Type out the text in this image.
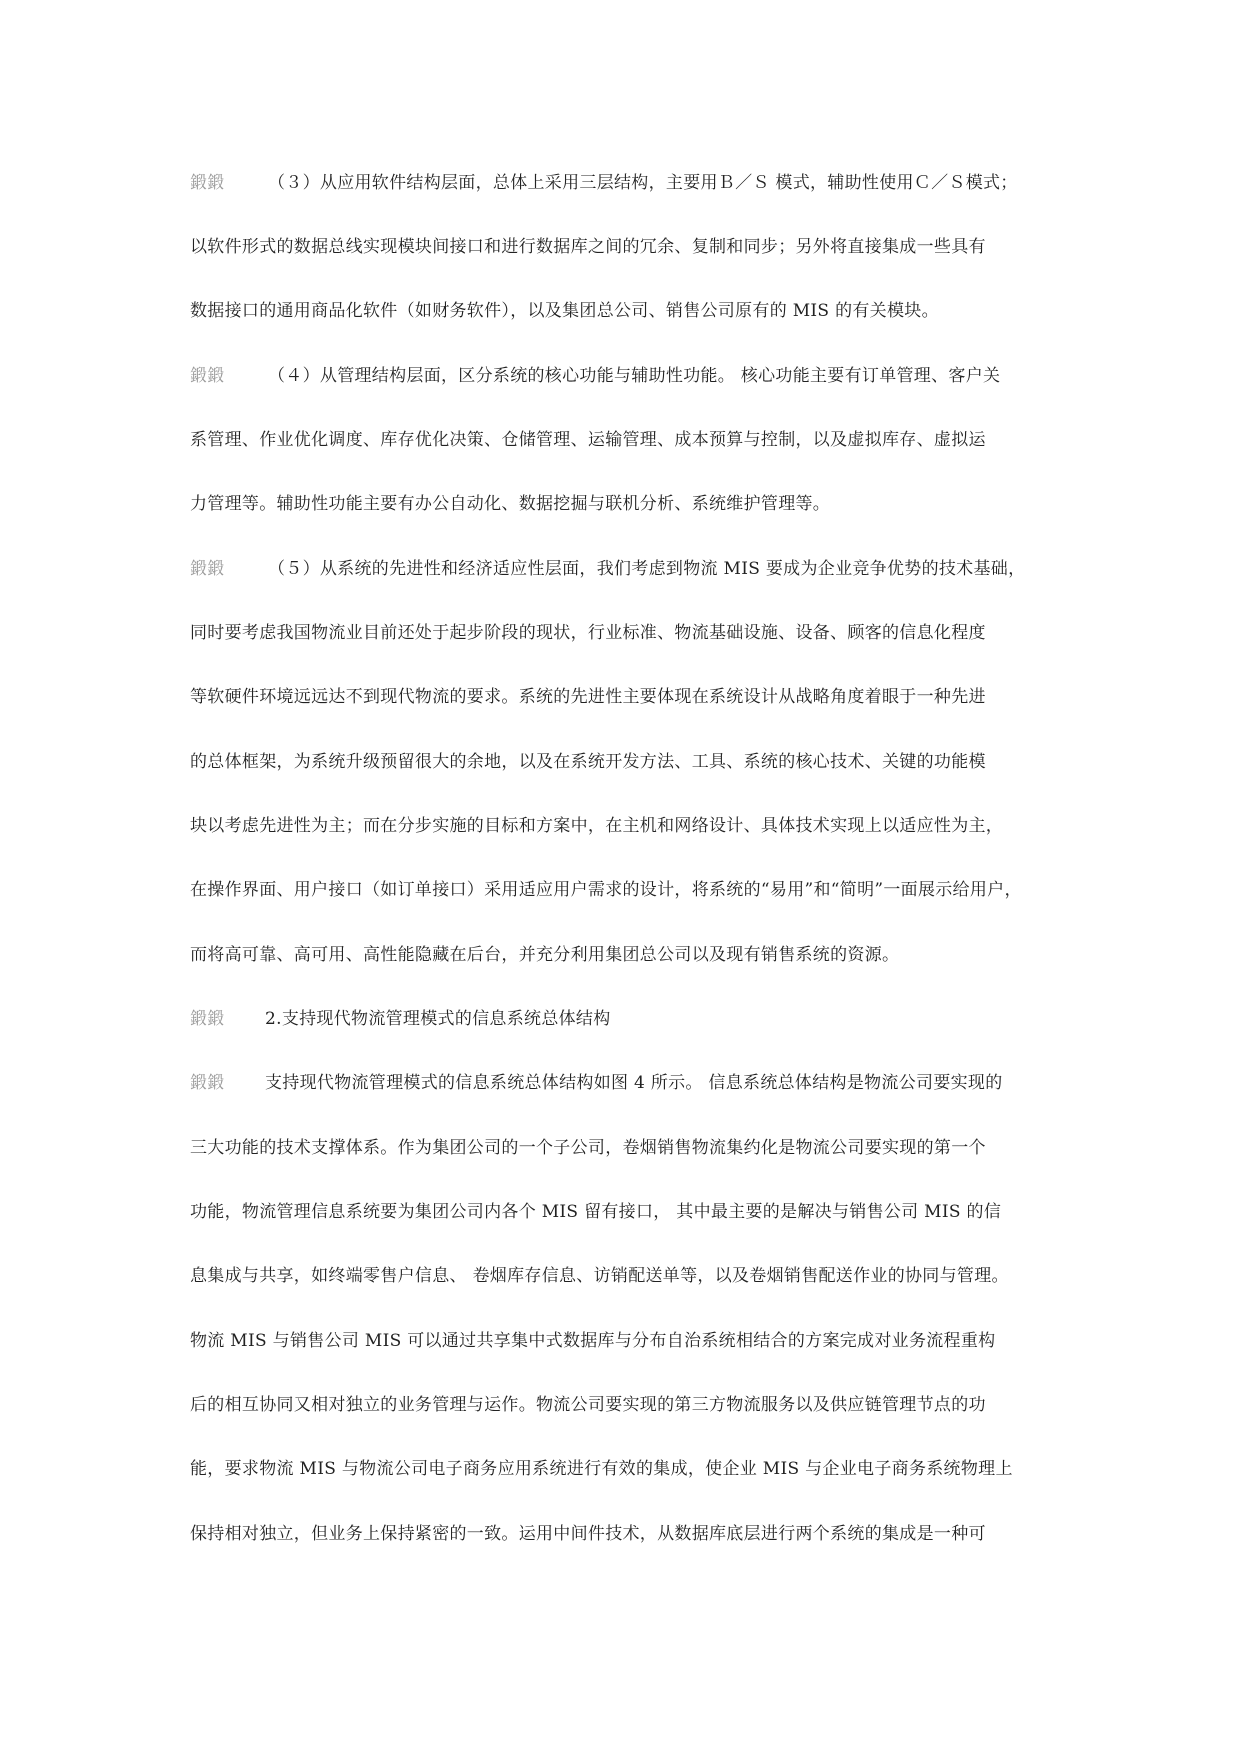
鍛鍛	（３）从应用软件结构层面，总体上采用三层结构，主要用Ｂ／Ｓ 模式，辅助性使用Ｃ／Ｓ模式；
以软件形式的数据总线实现模块间接口和进行数据库之间的冗余、复制和同步；另外将直接集成一些具有
数据接口的通用商品化软件（如财务软件），以及集团总公司、销售公司原有的 MIS 的有关模块。
鍛鍛	（４）从管理结构层面，区分系统的核心功能与辅助性功能。 核心功能主要有订单管理、客户关
系管理、作业优化调度、库存优化决策、仓储管理、运输管理、成本预算与控制，以及虚拟库存、虚拟运
力管理等。辅助性功能主要有办公自动化、数据挖掘与联机分析、系统维护管理等。
鍛鍛	（５）从系统的先进性和经济适应性层面，我们考虑到物流 MIS 要成为企业竞争优势的技术基础，
同时要考虑我国物流业目前还处于起步阶段的现状，行业标准、物流基础设施、设备、顾客的信息化程度
等软硬件环境远远达不到现代物流的要求。系统的先进性主要体现在系统设计从战略角度着眼于一种先进
的总体框架，为系统升级预留很大的余地，以及在系统开发方法、工具、系统的核心技术、关键的功能模
块以考虑先进性为主；而在分步实施的目标和方案中，在主机和网络设计、具体技术实现上以适应性为主，
在操作界面、用户接口（如订单接口）采用适应用户需求的设计，将系统的“易用”和“简明”一面展示给用户，
而将高可靠、高可用、高性能隐藏在后台，并充分利用集团总公司以及现有销售系统的资源。
鍛鍛 2.支持现代物流管理模式的信息系统总体结构
鍛鍛 支持现代物流管理模式的信息系统总体结构如图 4 所示。 信息系统总体结构是物流公司要实现的
三大功能的技术支撑体系。作为集团公司的一个子公司，卷烟销售物流集约化是物流公司要实现的第一个
功能，物流管理信息系统要为集团公司内各个 MIS 留有接口， 其中最主要的是解决与销售公司 MIS 的信
息集成与共享，如终端零售户信息、 卷烟库存信息、访销配送单等，以及卷烟销售配送作业的协同与管理。
物流 MIS 与销售公司 MIS 可以通过共享集中式数据库与分布自治系统相结合的方案完成对业务流程重构
后的相互协同又相对独立的业务管理与运作。物流公司要实现的第三方物流服务以及供应链管理节点的功
能，要求物流 MIS 与物流公司电子商务应用系统进行有效的集成，使企业 MIS 与企业电子商务系统物理上
保持相对独立，但业务上保持紧密的一致。运用中间件技术，从数据库底层进行两个系统的集成是一种可
